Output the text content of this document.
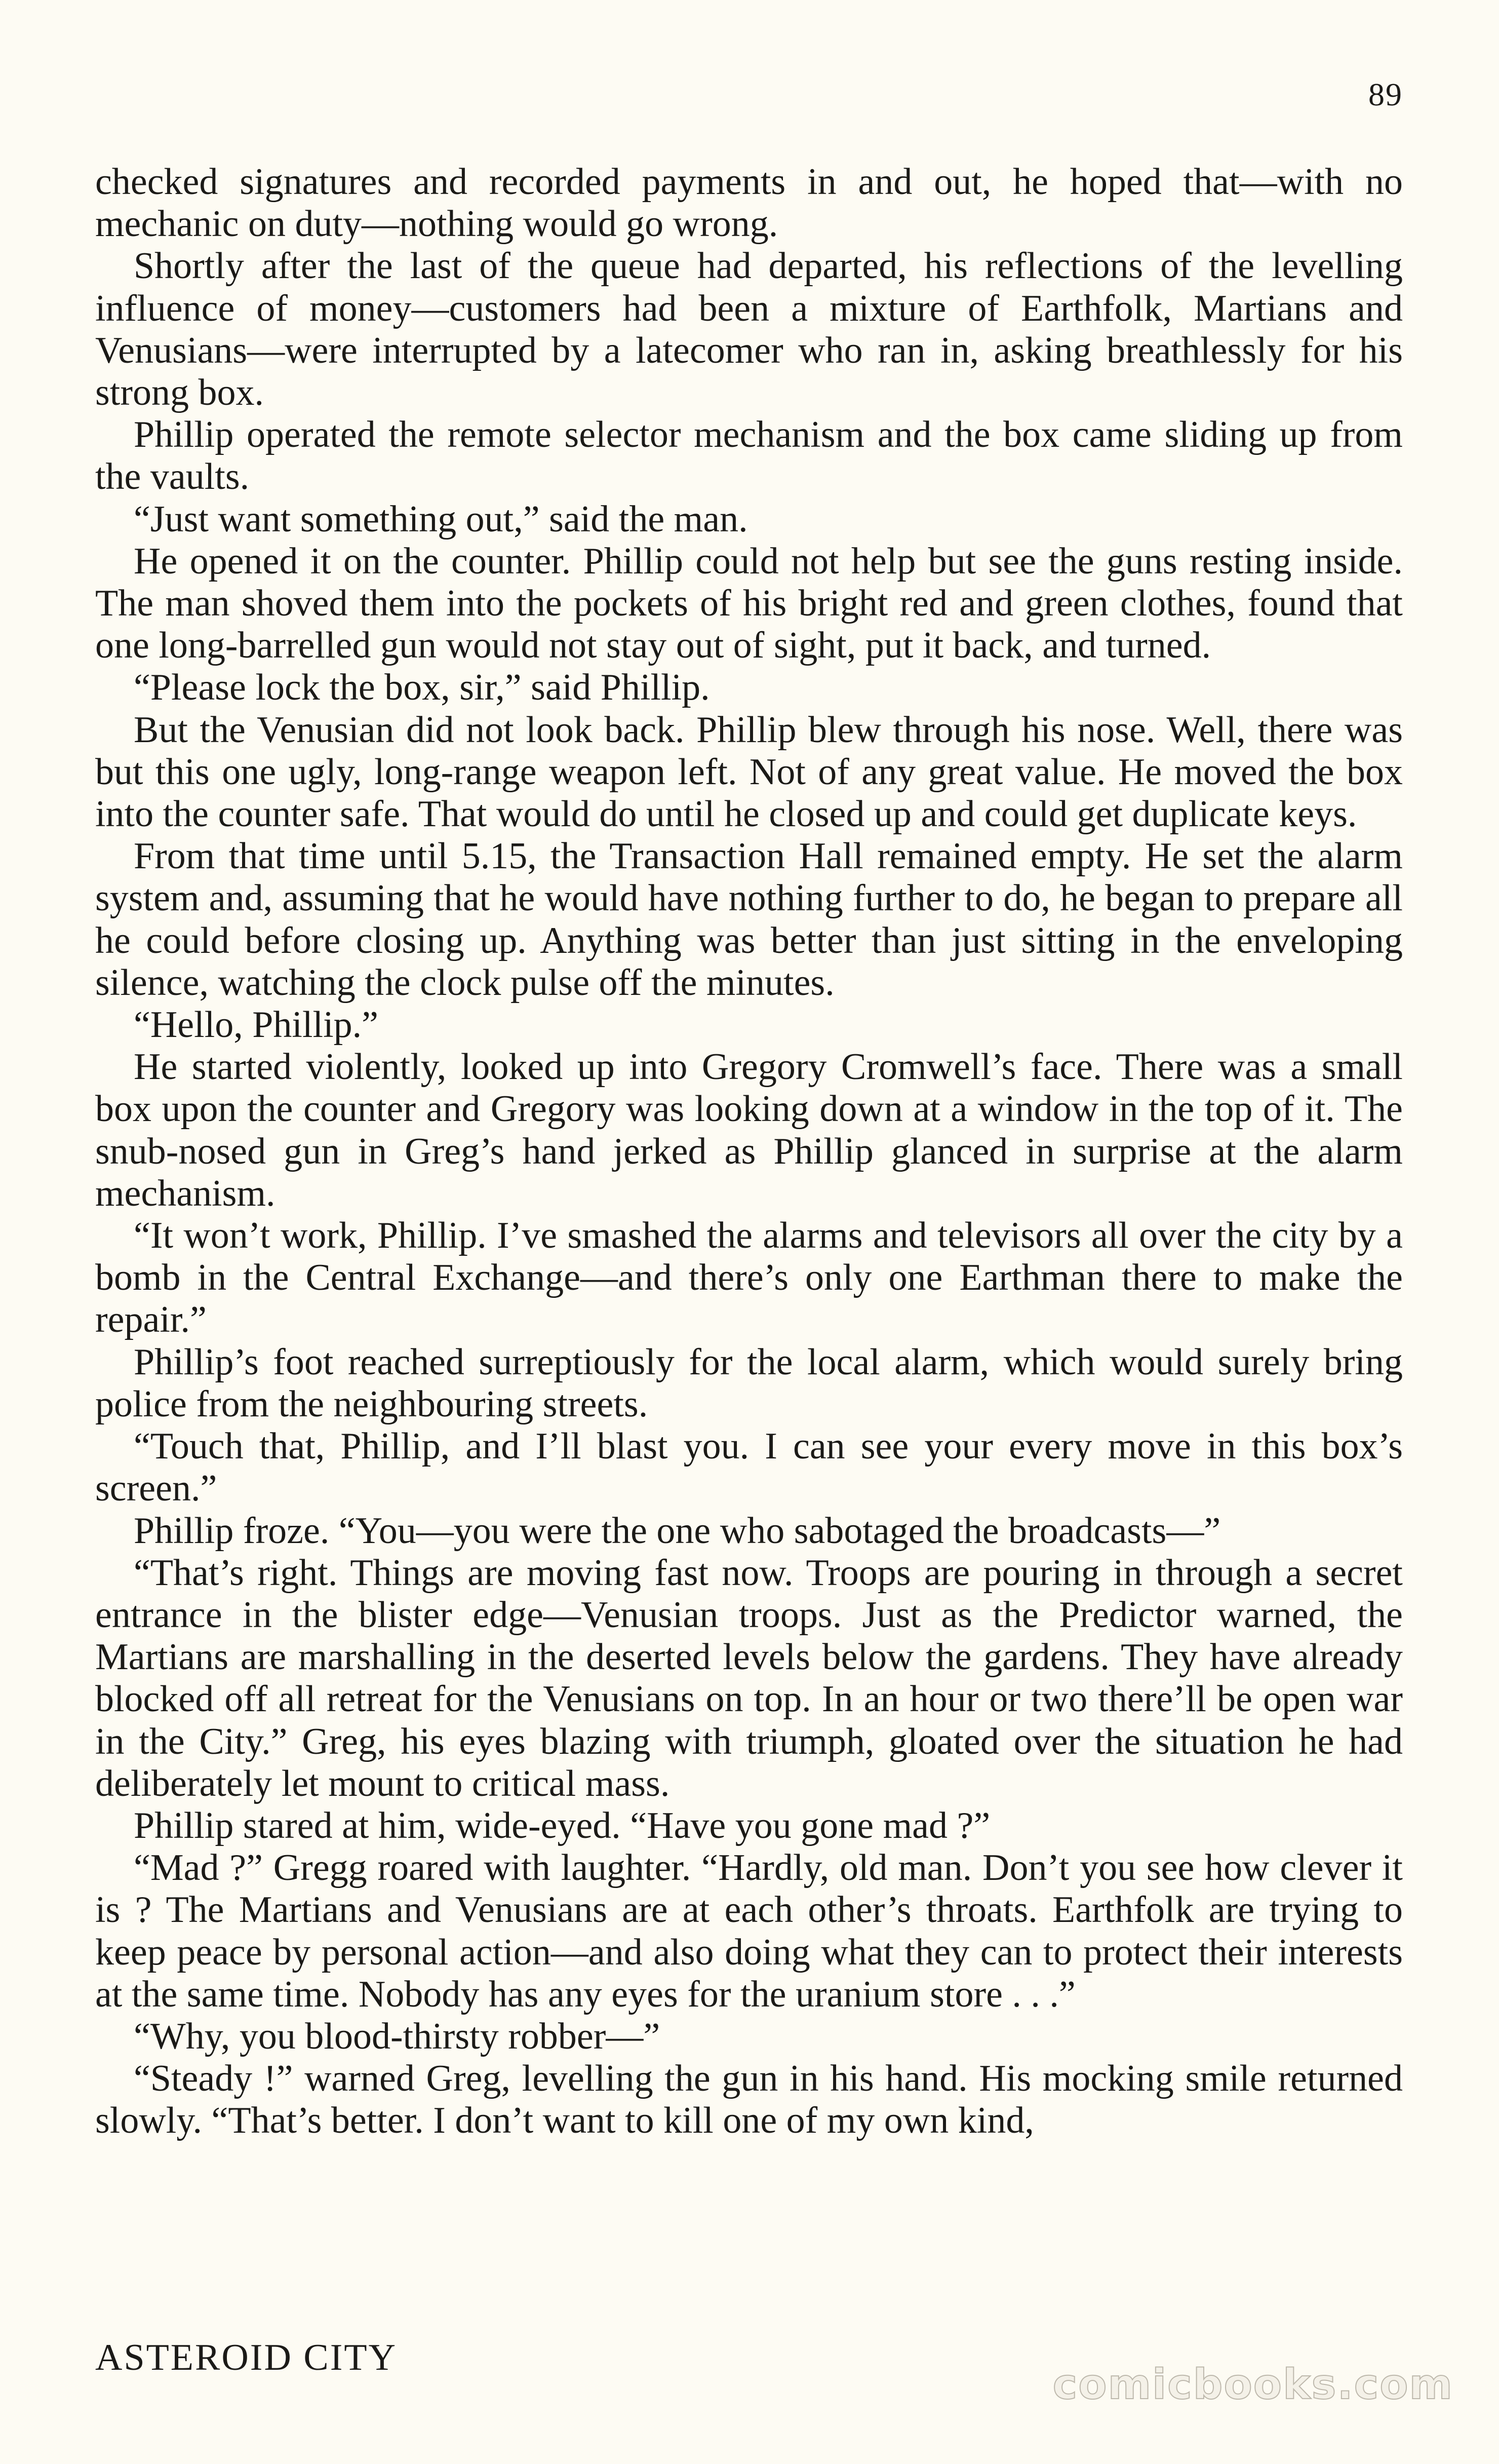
89

checked signatures and recorded payments in and out, he hoped that—with no mechanic on duty—nothing would go wrong.

Shortly after the last of the queue had departed, his reflections of the levelling influence of money—customers had been a mixture of Earthfolk, Martians and Venusians—were interrupted by a latecomer who ran in, asking breathlessly for his strong box.

Phillip operated the remote selector mechanism and the box came sliding up from the vaults.

“Just want something out,” said the man.

He opened it on the counter. Phillip could not help but see the guns resting inside. The man shoved them into the pockets of his bright red and green clothes, found that one long-barrelled gun would not stay out of sight, put it back, and turned.

“Please lock the box, sir,” said Phillip.

But the Venusian did not look back. Phillip blew through his nose. Well, there was but this one ugly, long-range weapon left. Not of any great value. He moved the box into the counter safe. That would do until he closed up and could get duplicate keys.

From that time until 5.15, the Transaction Hall remained empty. He set the alarm system and, assuming that he would have nothing further to do, he began to prepare all he could before closing up. Anything was better than just sitting in the enveloping silence, watching the clock pulse off the minutes.

“Hello, Phillip.”

He started violently, looked up into Gregory Cromwell’s face. There was a small box upon the counter and Gregory was looking down at a window in the top of it. The snub-nosed gun in Greg’s hand jerked as Phillip glanced in surprise at the alarm mechanism.

“It won’t work, Phillip. I’ve smashed the alarms and televisors all over the city by a bomb in the Central Exchange—and there’s only one Earthman there to make the repair.”

Phillip’s foot reached surreptiously for the local alarm, which would surely bring police from the neighbouring streets.

“Touch that, Phillip, and I’ll blast you. I can see your every move in this box’s screen.”

Phillip froze. “You—you were the one who sabotaged the broadcasts—”

“That’s right. Things are moving fast now. Troops are pouring in through a secret entrance in the blister edge—Venusian troops. Just as the Predictor warned, the Martians are marshalling in the deserted levels below the gardens. They have already blocked off all retreat for the Venusians on top. In an hour or two there’ll be open war in the City.” Greg, his eyes blazing with triumph, gloated over the situation he had deliberately let mount to critical mass.

Phillip stared at him, wide-eyed. “Have you gone mad ?”

“Mad ?” Gregg roared with laughter. “Hardly, old man. Don’t you see how clever it is ? The Martians and Venusians are at each other’s throats. Earthfolk are trying to keep peace by personal action—and also doing what they can to protect their interests at the same time. Nobody has any eyes for the uranium store . . .”

“Why, you blood-thirsty robber—”

“Steady !” warned Greg, levelling the gun in his hand. His mocking smile returned slowly. “That’s better. I don’t want to kill one of my own kind,

ASTEROID CITY
comicbooks.com
